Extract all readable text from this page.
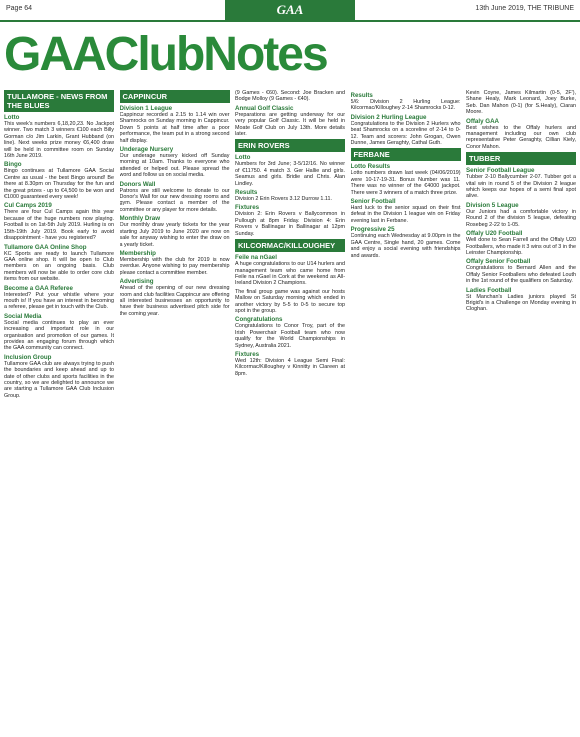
Page 64	GAA	13th June 2019, THE TRIBUNE
GAAClubNotes
TULLAMORE - NEWS FROM THE BLUES
Lotto

This week's numbers 6,18,20,23. No Jackpot winner. Two match 3 winners €100 each Billy Gorman c/o Jim Larkin, Grant Hubband (on line). Next weeks prize money €6,400 draw will be held in committee room on Sunday 16th June 2019.

Bingo

Bingo continues at Tullamore GAA Social Centre as usual - the best Bingo around! Be there at 8.30pm on Thursday for the fun and the great prizes - up to €4,500 to be won and €1000 guaranteed every week!

Cul Camps 2019

There are four Cul Camps again this year because of the huge numbers now playing. Football is on 1st-5th July 2019. Hurling is on 15th-19th July 2019. Book early to avoid disappointment - have you registered?

Tullamore GAA Online Shop

KC Sports are ready to launch Tullamore GAA online shop. It will be open to Club members on an ongoing basis. Club members will now be able to order core club items from our website.

Become a GAA Referee

Interested? Put your whistle where your mouth is! If you have an interest in becoming a referee, please get in touch with the Club.

Social Media

Social media continues to play an ever increasing and important role in our organisation and promotion of our games. It provides an engaging forum through which the GAA community can connect.

Inclusion Group

Tullamore GAA club are always trying to push the boundaries and keep ahead and up to date of other clubs and sports facilities in the country, so we are delighted to announce we are starting a Tullamore GAA Club Inclusion Group.

CAPPINCUR
Division 1 League

Cappincur recorded a 2.15 to 1.14 win over Shamrocks on Sunday morning in Cappincur. Down 5 points at half time after a poor performance, the team put in a strong second half display.

Underage Nursery

Our underage nursery kicked off Sunday morning at 10am. Thanks to everyone who attended or helped out. Please spread the word and follow us on social media.

Donors Wall

Patrons are still welcome to donate to our Donor's Wall for our new dressing rooms and gym. Please contact a member of the committee or any player for more details.

Monthly Draw

Our monthly draw yearly tickets for the year starting July 2019 to June 2020 are now on sale for anyway wishing to enter the draw on a yearly ticket.

Membership

Membership with the club for 2019 is now overdue. Anyone wishing to pay membership please contact a committee member.

Advertising

Ahead of the opening of our new dressing room and club facilities Cappincur are offering all interested businesses an opportunity to have their business advertised pitch side for the coming year.

(9 Games - €60). Second: Joe Bracken and Bodge Molloy (9 Games - €40).

Annual Golf Classic

Preparations are getting underway for our very popular Golf Classic. It will be held in Moate Golf Club on July 13th. More details later.

ERIN ROVERS
Lotto

Numbers for 3rd June; 3-5/12/16. No winner of €11750. 4 match 3. Ger Hallie and girls. Seamus and girls. Bridie and Chris. Alan Lindley.

Results

Division 2 Erin Rovers 3.12 Durrow 1.11.

Fixtures

Division 2: Erin Rovers v Ballycommon in Pullough at 8pm Friday. Division 4: Erin Rovers v Ballinagar in Ballinagar at 12pm Sunday.

KILCORMAC/KILLOUGHEY
Feile na nGael

A huge congratulations to our U14 hurlers and management team who came home from Feile na nGael in Cork at the weekend as All-Ireland Division 2 Champions.

The final group game was against our hosts Mallow on Saturday morning which ended in another victory by 5-5 to 0-5 to secure top spot in the group.

Congratulations

Congratulations to Conor Troy, part of the Irish Powerchair Football team who now qualify for the World Championships in Sydney, Australia 2021.

Fixtures

Wed 12th: Division 4 League Semi Final: Kilcormac/Killoughey v Kinnitty in Clareen at 8pm.

Results

5/6: Division 2 Hurling League: Kilcormac/Killoughey 2-14 Shamrocks 0-12.

Division 2 Hurling League

Congratulations to the Division 2 Hurlers who beat Shamrocks on a scoreline of 2-14 to 0-12. Team and scorers: John Grogan, Owen Dunne, James Geraghty, Cathal Guth.

FERBANE
Lotto Results

Lotto numbers drawn last week (04/06/2019) were 10-17-19-31. Bonus Number was 11. There was no winner of the €4000 jackpot. There were 3 winners of a match three prize.

Senior Football

Hard luck to the senior squad on their first defeat in the Division 1 league win on Friday evening last in Ferbane.

Progressive 25

Continuing each Wednesday at 9.00pm in the GAA Centre, Single hand, 20 games. Come and enjoy a social evening with friendships and awards.

Kevin Coyne, James Kilmartin (0-5, 2F'), Shane Healy, Mark Leonard, Joey Burke, Seb. Dan Mahon (0-1) (for S.Healy), Ciaran Moore.

Offaly GAA

Best wishes to the Offaly hurlers and management including our own club representative Peter Geraghty, Cillian Kiely, Conor Mahon.

TUBBER
Senior Football League

Tubber 2-10 Ballycumber 2-07. Tubber got a vital win in round 5 of the Division 2 league which keeps our hopes of a semi final spot alive.

Division 5 League

Our Juniors had a comfortable victory in Round 2 of the division 5 league, defeating Rosebeg 2-22 to 1-05.

Offaly U20 Football

Well done to Sean Farrell and the Offaly U20 Footballers, who made it 3 wins out of 3 in the Leinster Championship.

Offaly Senior Football

Congratulations to Bernard Allen and the Offaly Senior Footballers who defeated Louth in the 1st round of the qualifiers on Saturday.

Ladies Football

St Manchan's Ladies juniors played St Brigid's in a Challenge on Monday evening in Cloghan.
